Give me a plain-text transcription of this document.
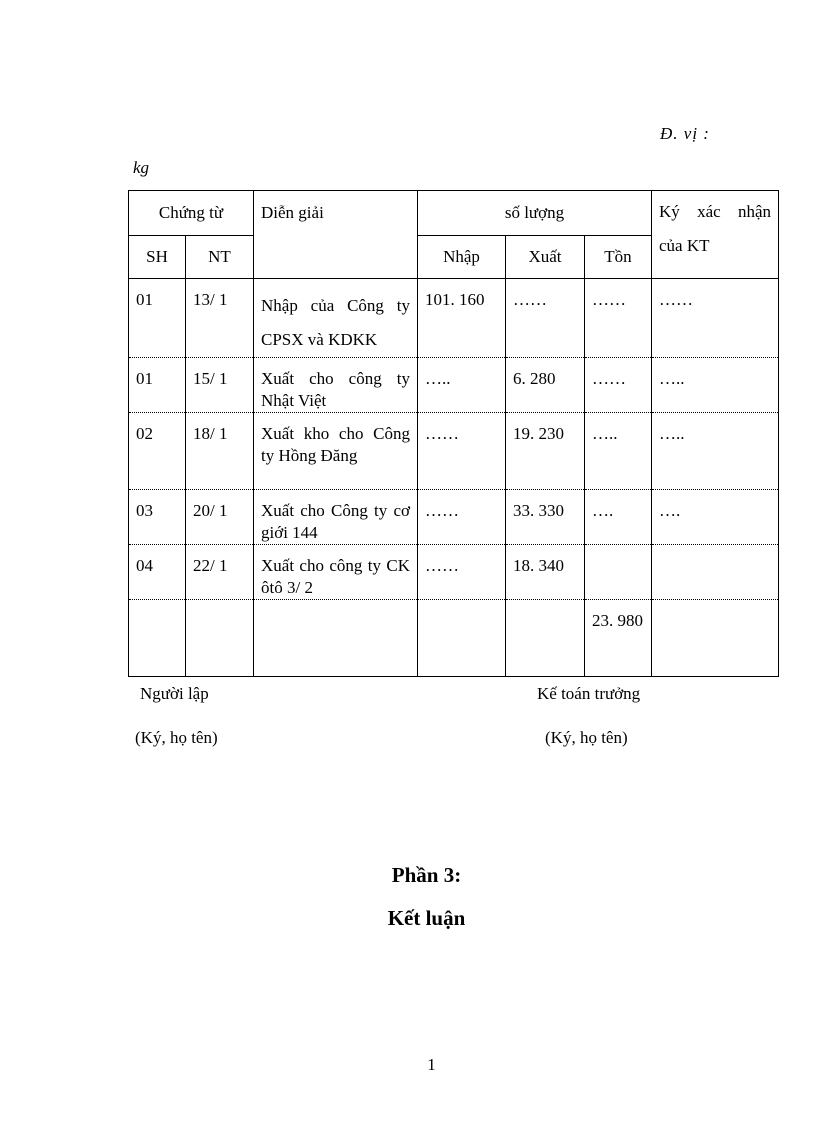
Đ. vị :
kg
Chứng từ		Diễn giải	số lượng			Ký xác nhận của KT
SH	NT		Nhập	Xuất	Tồn	
01	13/ 1	Nhập của Công ty CPSX và KDKK	101. 160	……	……	……
01	15/ 1	Xuất cho công ty Nhật Việt	…..	6. 280	……	…..
02	18/ 1	Xuất kho cho Công ty Hồng Đăng	……	19. 230	…..	…..
03	20/ 1	Xuất cho Công ty cơ giới 144	……	33. 330	….	….
04	22/ 1	Xuất cho công ty CK ôtô 3/ 2	……	18. 340		
					23. 980	
Người lập
(Ký, họ tên)
Kế toán trưởng
(Ký, họ tên)
Phần 3:
Kết luận
1
